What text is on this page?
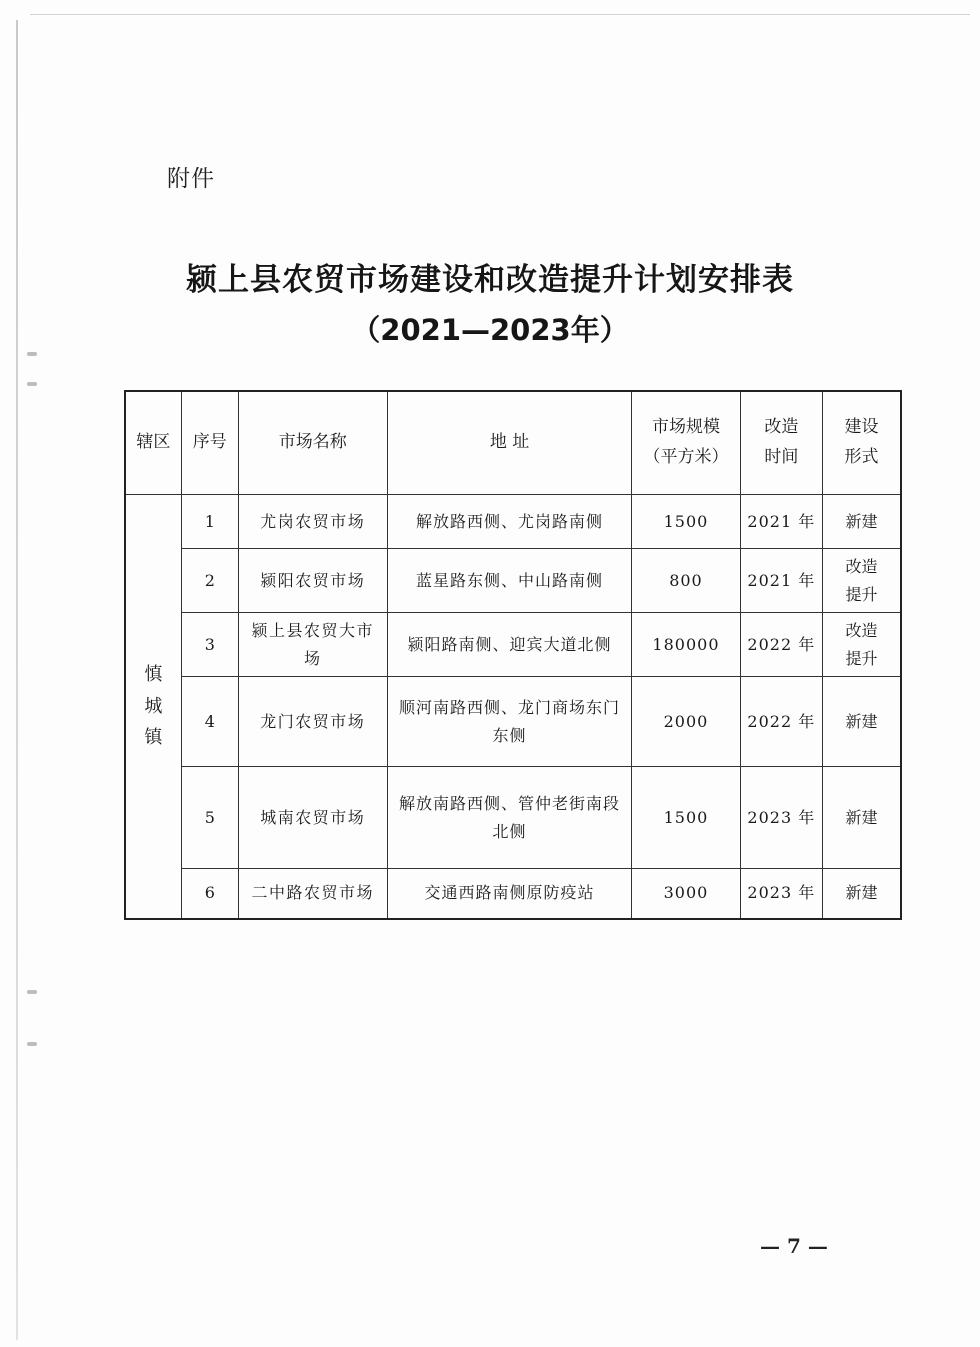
附件
颍上县农贸市场建设和改造提升计划安排表
（2021—2023年）
辖区	序号	市场名称	地 址	市场规模（平方米）	改造时间	建设形式
慎城镇	1	尤岗农贸市场	解放路西侧、尤岗路南侧	1500	2021 年	新建
	2	颍阳农贸市场	蓝星路东侧、中山路南侧	800	2021 年	改造提升
	3	颍上县农贸大市场	颍阳路南侧、迎宾大道北侧	180000	2022 年	改造提升
	4	龙门农贸市场	顺河南路西侧、龙门商场东门东侧	2000	2022 年	新建
	5	城南农贸市场	解放南路西侧、管仲老街南段北侧	1500	2023 年	新建
	6	二中路农贸市场	交通西路南侧原防疫站	3000	2023 年	新建
— 7 —
